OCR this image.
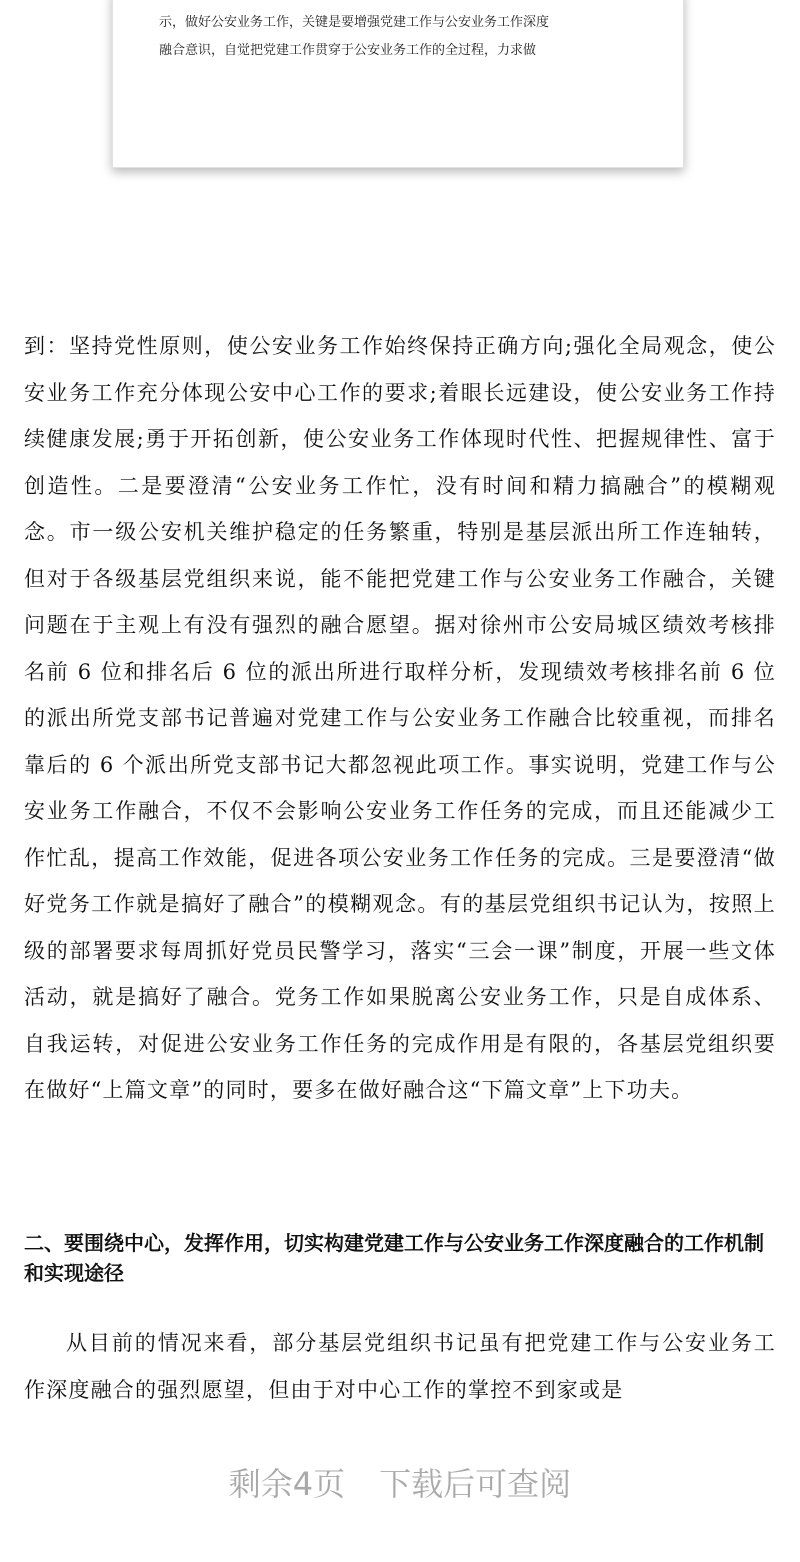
示，做好公安业务工作，关键是要增强党建工作与公安业务工作深度
融合意识，自觉把党建工作贯穿于公安业务工作的全过程，力求做

到：坚持党性原则，使公安业务工作始终保持正确方向;强化全局观念，使公安业务工作充分体现公安中心工作的要求;着眼长远建设，使公安业务工作持续健康发展;勇于开拓创新，使公安业务工作体现时代性、把握规律性、富于创造性。二是要澄清“公安业务工作忙，没有时间和精力搞融合”的模糊观念。市一级公安机关维护稳定的任务繁重，特别是基层派出所工作连轴转，但对于各级基层党组织来说，能不能把党建工作与公安业务工作融合，关键问题在于主观上有没有强烈的融合愿望。据对徐州市公安局城区绩效考核排名前 6 位和排名后 6 位的派出所进行取样分析，发现绩效考核排名前 6 位的派出所党支部书记普遍对党建工作与公安业务工作融合比较重视，而排名靠后的 6 个派出所党支部书记大都忽视此项工作。事实说明，党建工作与公安业务工作融合，不仅不会影响公安业务工作任务的完成，而且还能减少工作忙乱，提高工作效能，促进各项公安业务工作任务的完成。三是要澄清“做好党务工作就是搞好了融合”的模糊观念。有的基层党组织书记认为，按照上级的部署要求每周抓好党员民警学习，落实“三会一课”制度，开展一些文体活动，就是搞好了融合。党务工作如果脱离公安业务工作，只是自成体系、自我运转，对促进公安业务工作任务的完成作用是有限的，各基层党组织要在做好“上篇文章”的同时，要多在做好融合这“下篇文章”上下功夫。

二、要围绕中心，发挥作用，切实构建党建工作与公安业务工作深度融合的工作机制和实现途径

从目前的情况来看，部分基层党组织书记虽有把党建工作与公安业务工作深度融合的强烈愿望，但由于对中心工作的掌控不到家或是

剩余4页 下载后可查阅
